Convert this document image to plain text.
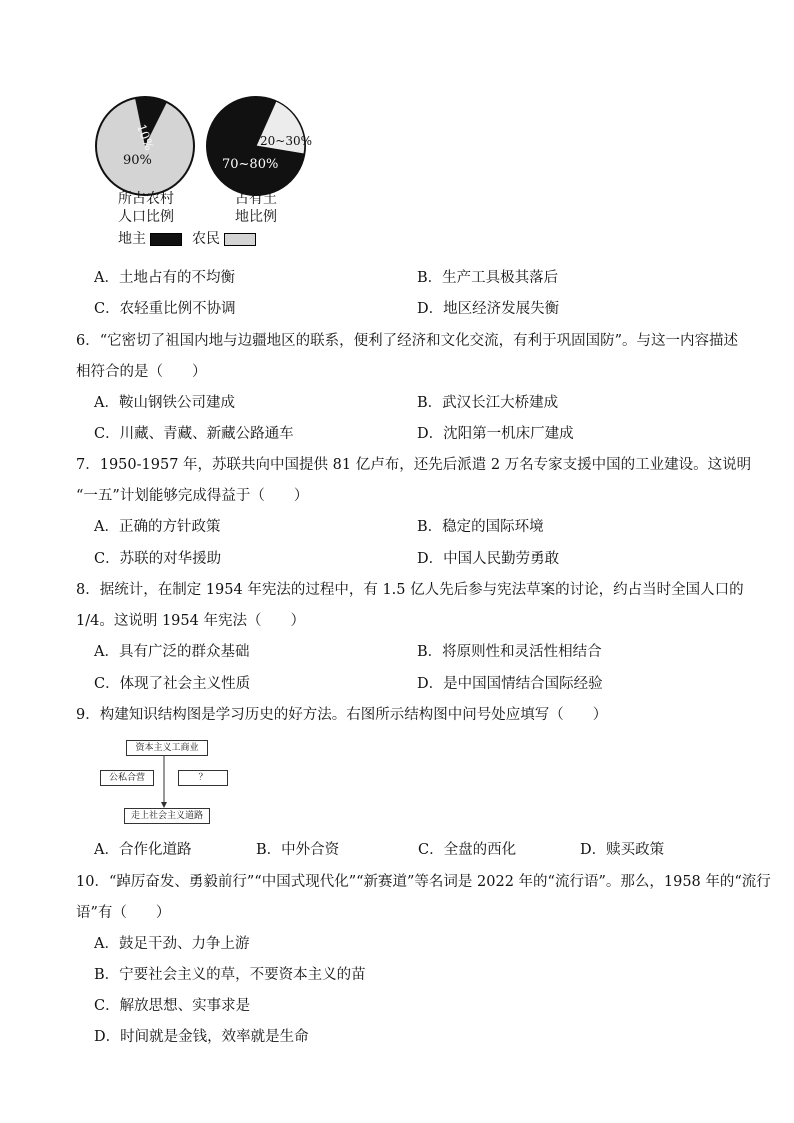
10%
90%
20~30%
70~80%
所占农村
人口比例
占有土
地比例
地主	农民
A．土地占有的不均衡	B．生产工具极其落后
C．农轻重比例不协调	D．地区经济发展失衡
6．“它密切了祖国内地与边疆地区的联系，便利了经济和文化交流，有利于巩固国防”。与这一内容描述
相符合的是（　　）
A．鞍山钢铁公司建成	B．武汉长江大桥建成
C．川藏、青藏、新藏公路通车	D．沈阳第一机床厂建成
7．1950-1957 年，苏联共向中国提供 81 亿卢布，还先后派遣 2 万名专家支援中国的工业建设。这说明
“一五”计划能够完成得益于（　　）
A．正确的方针政策	B．稳定的国际环境
C．苏联的对华援助	D．中国人民勤劳勇敢
8．据统计，在制定 1954 年宪法的过程中，有 1.5 亿人先后参与宪法草案的讨论，约占当时全国人口的
1/4。这说明 1954 年宪法（　　）
A．具有广泛的群众基础	B．将原则性和灵活性相结合
C．体现了社会主义性质	D．是中国国情结合国际经验
9．构建知识结构图是学习历史的好方法。右图所示结构图中问号处应填写（　　）
资本主义工商业
公私合营	？
走上社会主义道路
A．合作化道路	B．中外合资	C．全盘的西化	D．赎买政策
10．“踔厉奋发、勇毅前行”“中国式现代化”“新赛道”等名词是 2022 年的“流行语”。那么，1958 年的“流行
语”有（　　）
A．鼓足干劲、力争上游
B．宁要社会主义的草，不要资本主义的苗
C．解放思想、实事求是
D．时间就是金钱，效率就是生命
